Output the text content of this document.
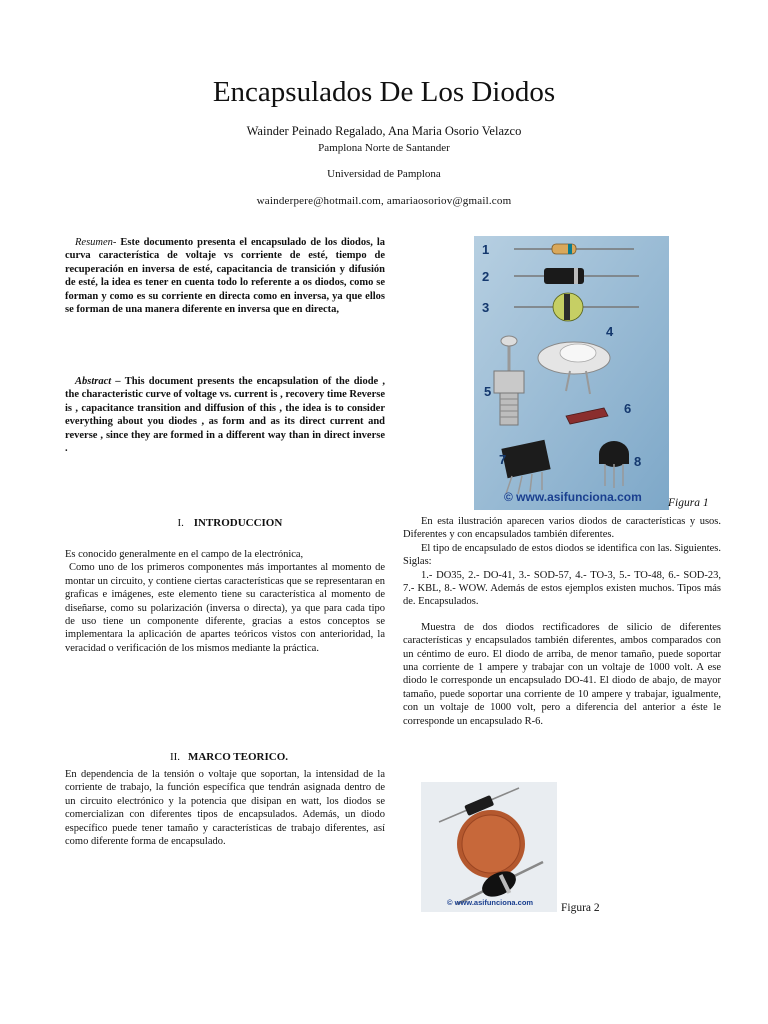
Encapsulados De Los Diodos
Wainder Peinado Regalado, Ana Maria Osorio Velazco
Pamplona Norte de Santander
Universidad de Pamplona
wainderpere@hotmail.com, amariaosoriov@gmail.com

Resumen- Este documento presenta el encapsulado de los diodos, la curva característica de voltaje vs corriente de esté, tiempo de recuperación en inversa de esté, capacitancia de transición y difusión de esté, la idea es tener en cuenta todo lo referente a os diodos, como se forman y como es su corriente en directa como en inversa, ya que ellos se forman de una manera diferente en inversa que en directa,

Abstract – This document presents the encapsulation of the diode , the characteristic curve of voltage vs. current is , recovery time Reverse is , capacitance transition and diffusion of this , the idea is to consider everything about you diodes , as form and as its direct current and reverse , since they are formed in a different way than in direct inverse .

I. INTRODUCCION

Es conocido generalmente en el campo de la electrónica,

Como uno de los primeros componentes más importantes al momento de montar un circuito, y contiene ciertas características que se representaran en graficas e imágenes, este elemento tiene su característica al momento de diseñarse, como su polarización (inversa o directa), ya que para cada tipo de uso tiene un componente diferente, gracias a estos conceptos se implementara la aplicación de apartes teóricos vistos con anterioridad, la veracidad o verificación de los mismos mediante la práctica.

II. MARCO TEORICO.

En dependencia de la tensión o voltaje que soportan, la intensidad de la corriente de trabajo, la función específica que tendrán asignada dentro de un circuito electrónico y la potencia que disipan en watt, los diodos se comercializan con diferentes tipos de encapsulados. Además, un diodo específico puede tener tamaño y características de trabajo diferentes, así como diferente forma de encapsulado.

1
2
3
4
5
6
7	8
© www.asifunciona.com Figura 1

En esta ilustración aparecen varios diodos de características y usos. Diferentes y con encapsulados también diferentes.

El tipo de encapsulado de estos diodos se identifica con las. Siguientes. Siglas:

1.- DO35, 2.- DO-41, 3.- SOD-57, 4.- TO-3, 5.- TO-48, 6.- SOD-23, 7.- KBL, 8.- WOW. Además de estos ejemplos existen muchos. Tipos más de. Encapsulados.

Muestra de dos diodos rectificadores de silicio de diferentes características y encapsulados también diferentes, ambos comparados con un céntimo de euro. El diodo de arriba, de menor tamaño, puede soportar una corriente de 1 ampere y trabajar con un voltaje de 1000 volt. A ese diodo le corresponde un encapsulado DO-41. El diodo de abajo, de mayor tamaño, puede soportar una corriente de 10 ampere y trabajar, igualmente, con un voltaje de 1000 volt, pero a diferencia del anterior a éste le corresponde un encapsulado R-6.

© www.asifunciona.com Figura 2
